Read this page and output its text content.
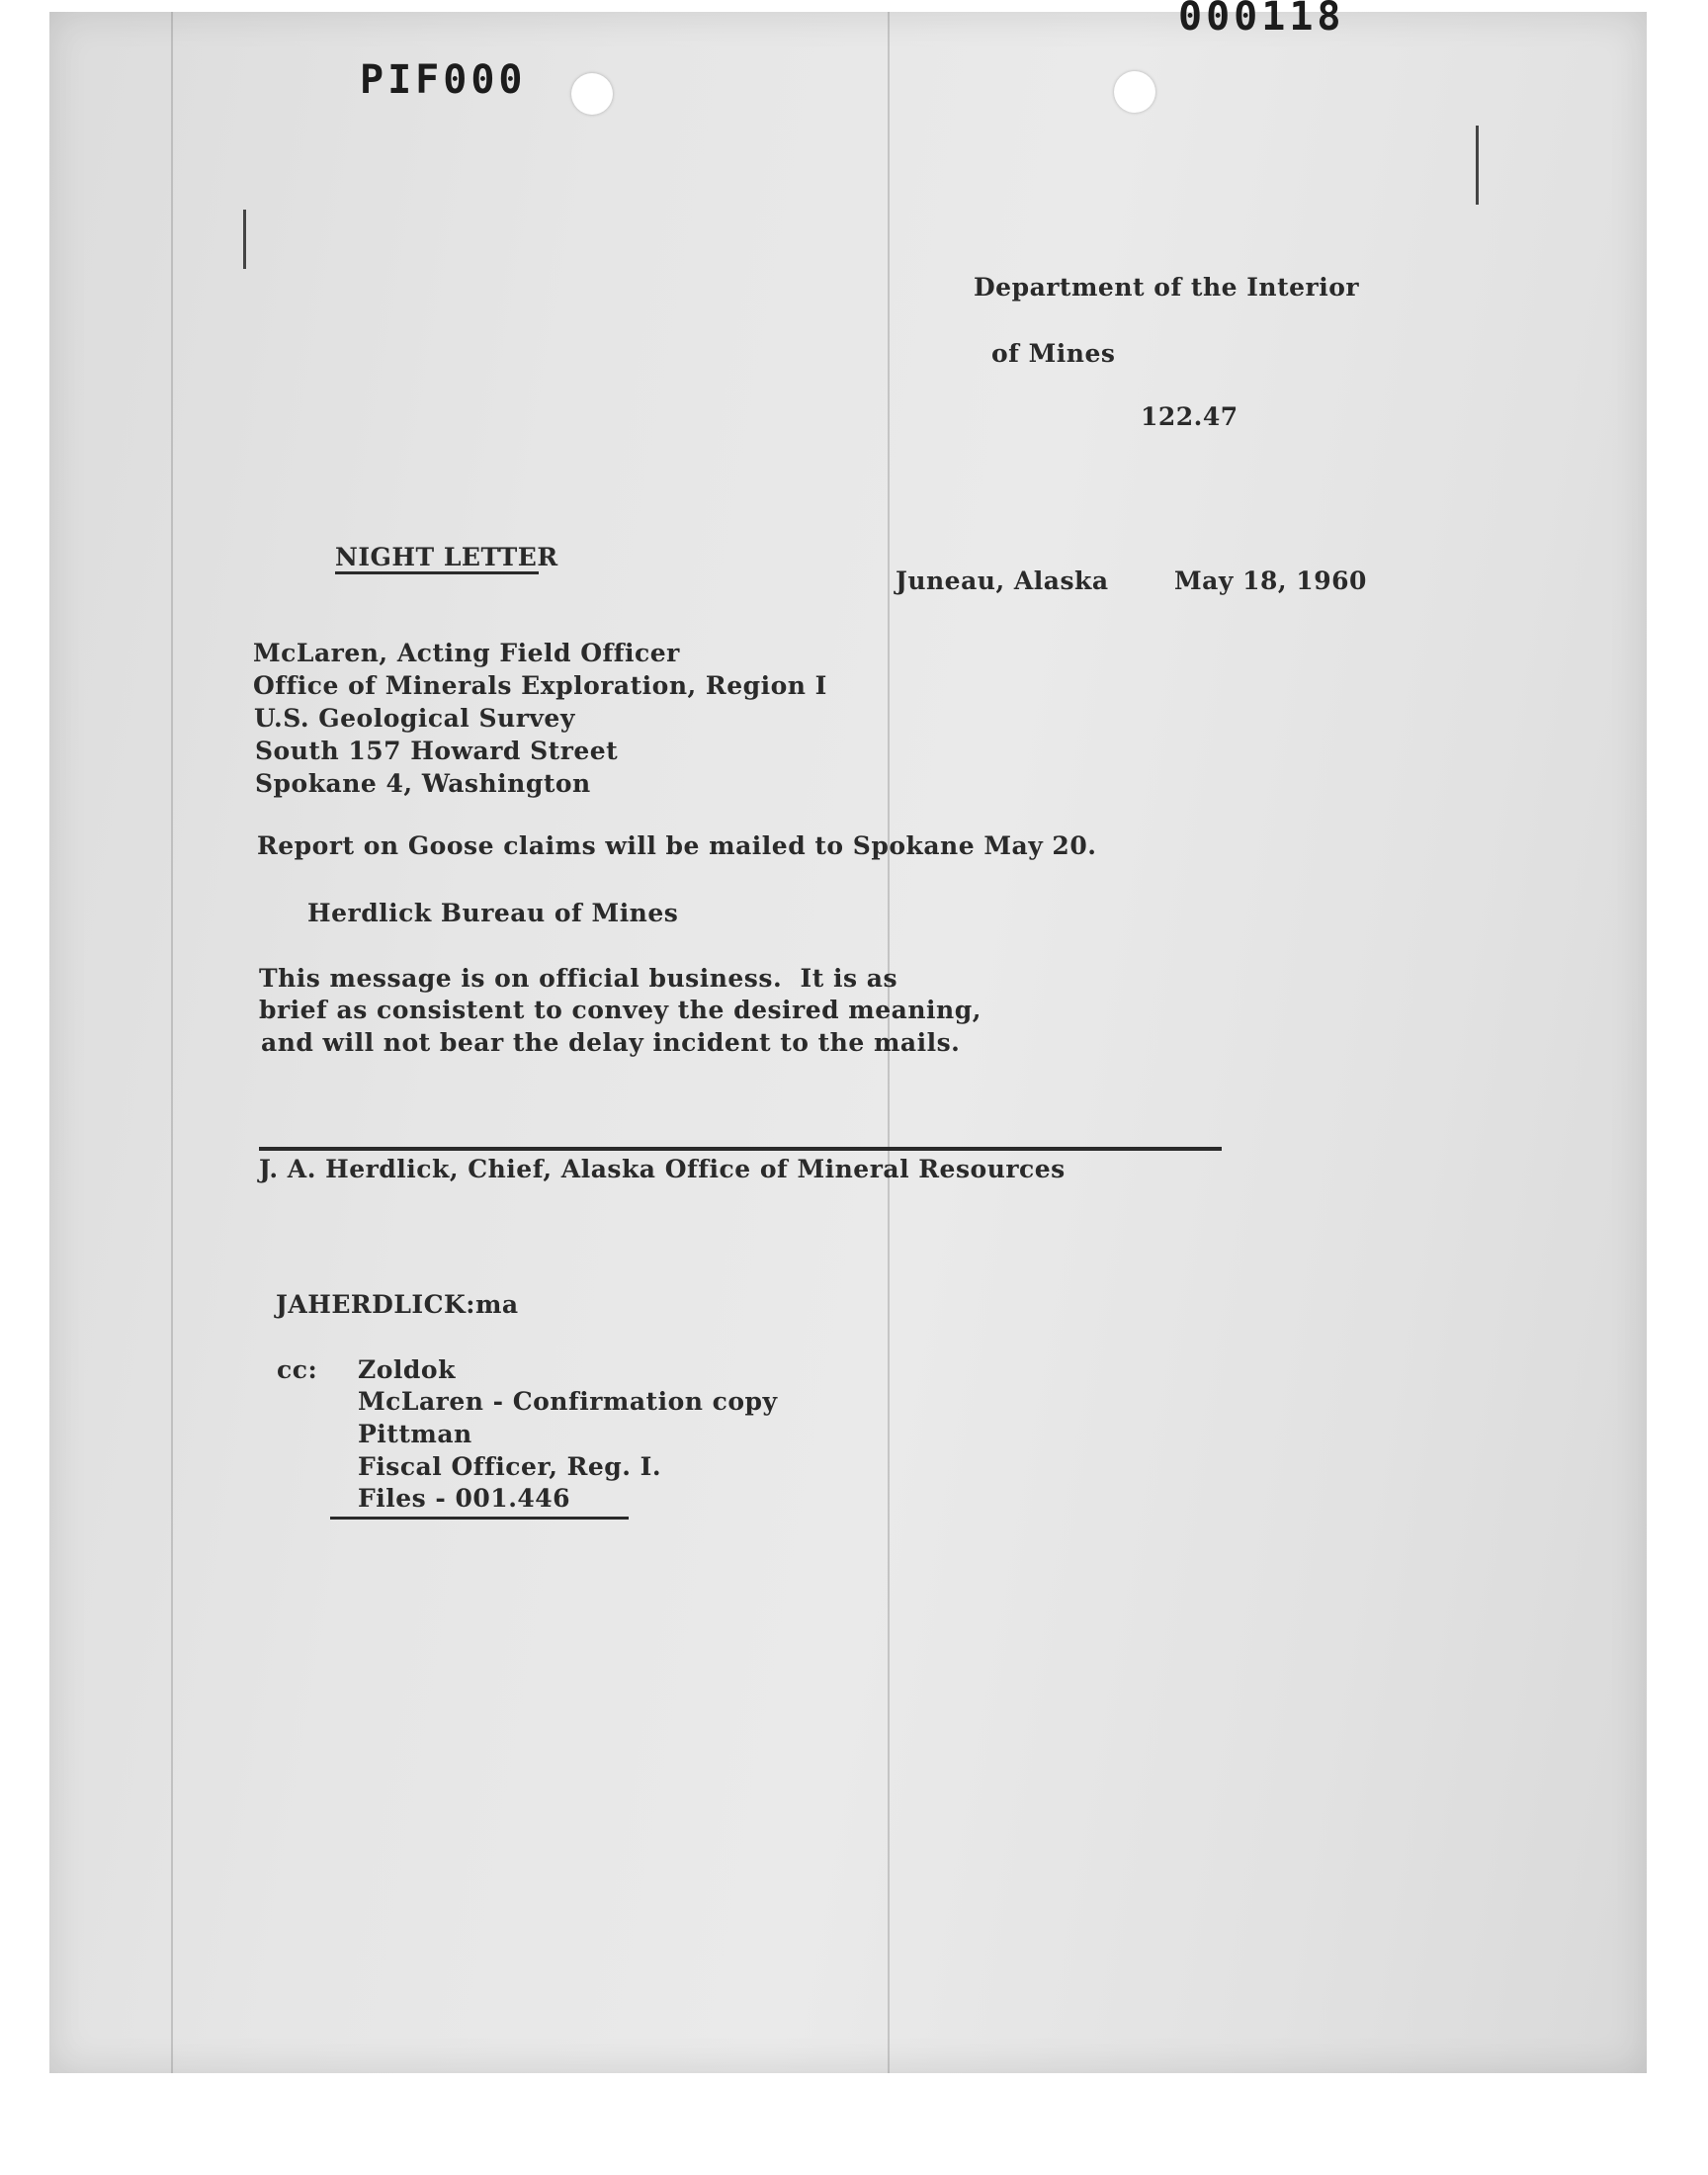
PIF000
000118
Department of the Interior
of Mines
122.47
NIGHT LETTER
Juneau, Alaska	May 18, 1960
McLaren, Acting Field Officer
Office of Minerals Exploration, Region I
U.S. Geological Survey
South 157 Howard Street
Spokane 4, Washington
Report on Goose claims will be mailed to Spokane May 20.
Herdlick Bureau of Mines
This message is on official business.  It is as
brief as consistent to convey the desired meaning,
and will not bear the delay incident to the mails.
J. A. Herdlick, Chief, Alaska Office of Mineral Resources
JAHERDLICK:ma
cc: Zoldok
McLaren - Confirmation copy
Pittman
Fiscal Officer, Reg. I.
Files - 001.446
